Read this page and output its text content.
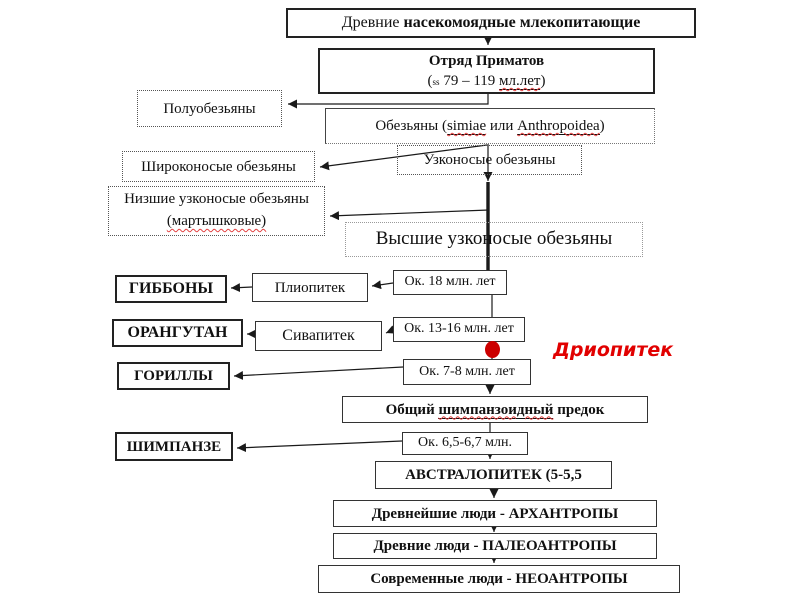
Древние насекомоядные млекопитающие
Отряд Приматов
(ss 79 – 119 мл.лет)
Полуобезьяны
Обезьяны (simiae или Anthropoidea)
Широконосые обезьяны	Узконосые обезьяны
Низшие узконосые обезьяны
(мартышковые)
Высшие узконосые обезьяны
ГИББОНЫ	Плиопитек	Ок. 18 млн. лет
ОРАНГУТАН	Сивапитек	Ок. 13-16 млн. лет
Дриопитек
ГОРИЛЛЫ	Ок. 7-8 млн. лет
Общий шимпанзоидный предок
ШИМПАНЗЕ	Ок. 6,5-6,7 млн.
АВСТРАЛОПИТЕК (5-5,5
Древнейшие люди - АРХАНТРОПЫ
Древние люди - ПАЛЕОАНТРОПЫ
Современные люди - НЕОАНТРОПЫ
